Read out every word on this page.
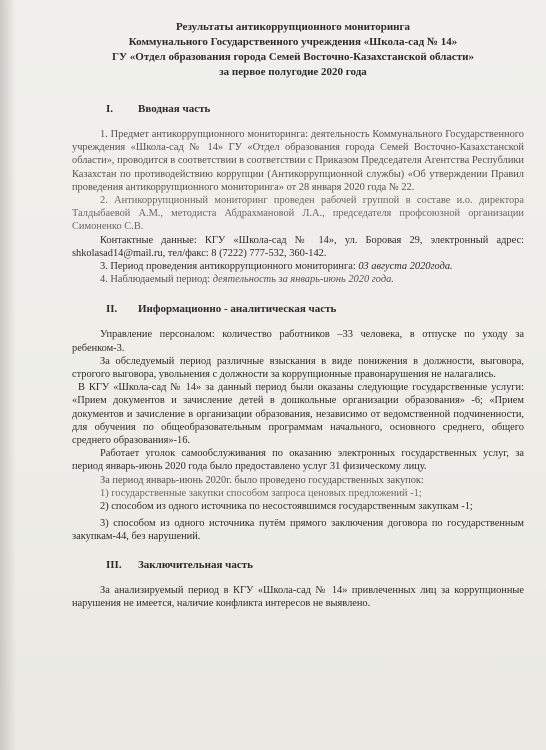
Результаты антикоррупционного мониторинга
Коммунального Государственного учреждения «Школа-сад № 14»
ГУ «Отдел образования города Семей Восточно-Казахстанской области»
за первое полугодие 2020 года
I. Вводная часть

1. Предмет антикоррупционного мониторинга: деятельность Коммунального Государственного учреждения «Школа-сад № 14» ГУ «Отдел образования города Семей Восточно-Казахстанской области», проводится в соответствии в соответствии с Приказом Председателя Агентства Республики Казахстан по противодействию коррупции (Антикоррупционной службы) «Об утверждении Правил проведения антикоррупционного мониторинга» от 28 января 2020 года № 22.

2. Антикоррупционный мониторинг проведен рабочей группой в составе и.о. директора Талдыбаевой А.М., методиста Абдрахмановой Л.А., председателя профсоюзной организации Симоненко С.В.

Контактные данные: КГУ «Школа-сад № 14», ул. Боровая 29, электронный адрес: shkolasad14@mail.ru, тел/факс: 8 (7222) 777-532, 360-142.

3. Период проведения антикоррупционного мониторинга: 03 августа 2020года.

4. Наблюдаемый период: деятельность за январь-июнь 2020 года.

II. Информационно - аналитическая часть

Управление персоналом: количество работников –33 человека, в отпуске по уходу за ребенком-3.

За обследуемый период различные взыскания в виде понижения в должности, выговора, строгого выговора, увольнения с должности за коррупционные правонарушения не налагались.

В КГУ «Школа-сад № 14» за данный период были оказаны следующие государственные услуги: «Прием документов и зачисление детей в дошкольные организации образования» -6; «Прием документов и зачисление в организации образования, независимо от ведомственной подчиненности, для обучения по общеобразовательным программам начального, основного среднего, общего среднего образования»-16.

Работает уголок самообслуживания по оказанию электронных государственных услуг, за период январь-июнь 2020 года было предоставлено услуг 31 физическому лицу.

За период январь-июнь 2020г. было проведено государственных закупок:

1) государственные закупки способом запроса ценовых предложений -1;

2) способом из одного источника по несостоявшимся государственным закупкам -1;

3) способом из одного источника путём прямого заключения договора по государственным закупкам-44, без нарушений.

III. Заключительная часть

За анализируемый период в КГУ «Школа-сад № 14» привлеченных лиц за коррупционные нарушения не имеется, наличие конфликта интересов не выявлено.
